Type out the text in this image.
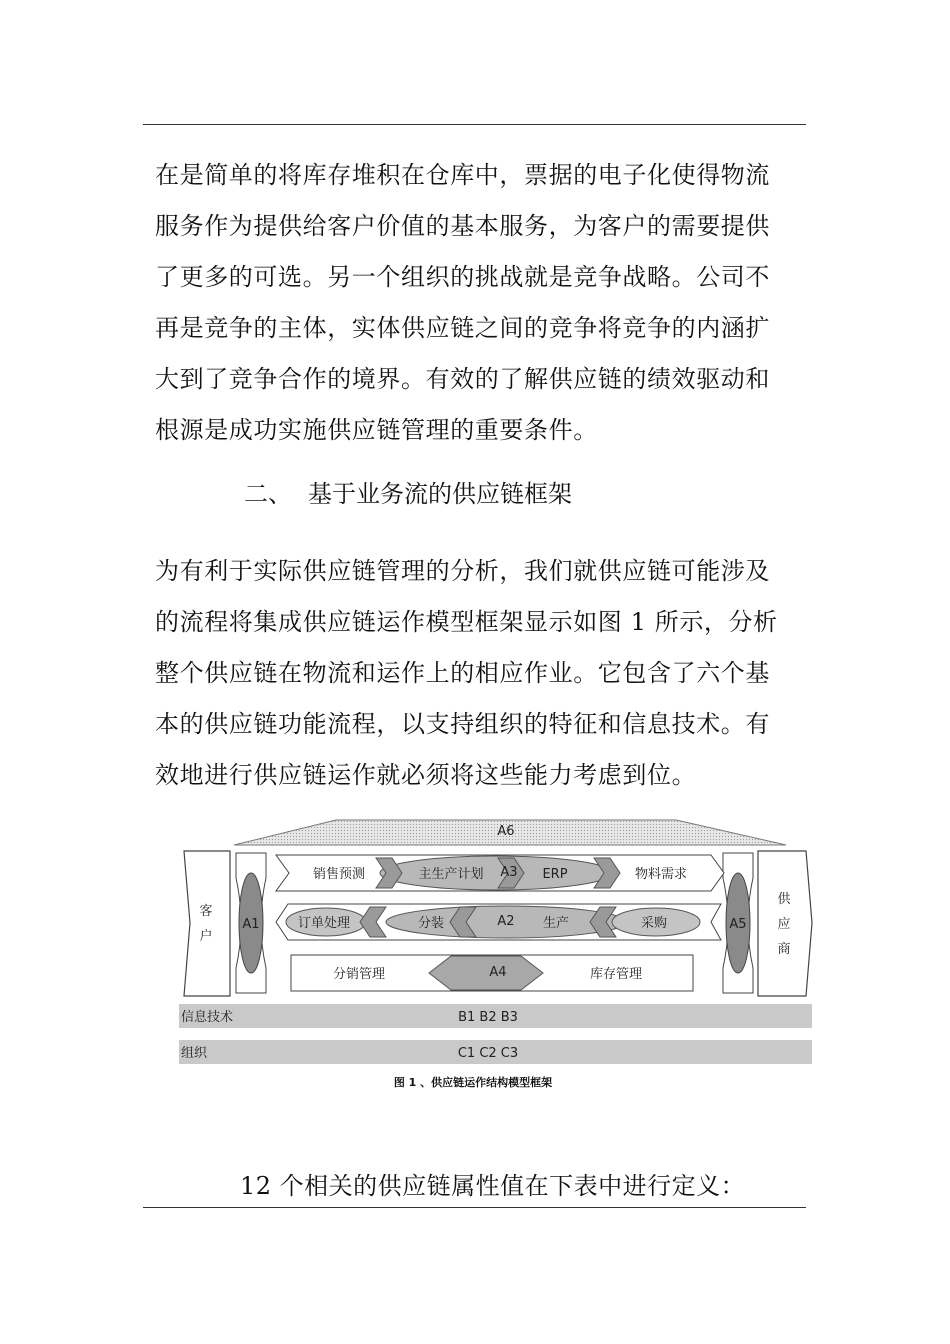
在是简单的将库存堆积在仓库中，票据的电子化使得物流
服务作为提供给客户价值的基本服务，为客户的需要提供
了更多的可选。另一个组织的挑战就是竞争战略。公司不
再是竞争的主体，实体供应链之间的竞争将竞争的内涵扩
大到了竞争合作的境界。有效的了解供应链的绩效驱动和
根源是成功实施供应链管理的重要条件。
二、 基于业务流的供应链框架
为有利于实际供应链管理的分析，我们就供应链可能涉及
的流程将集成供应链运作模型框架显示如图 1 所示，分析
整个供应链在物流和运作上的相应作业。它包含了六个基
本的供应链功能流程，以支持组织的特征和信息技术。有
效地进行供应链运作就必须将这些能力考虑到位。
A6
客
户
供
应
商
A1	A5
销售预测	主生产计划 A3 ERP	物料需求
订单处理	分装	A2 生产	采购
分销管理	A4	库存管理
信息技术	B1 B2 B3
组织	C1 C2 C3
图 1 、供应链运作结构模型框架
12 个相关的供应链属性值在下表中进行定义：
